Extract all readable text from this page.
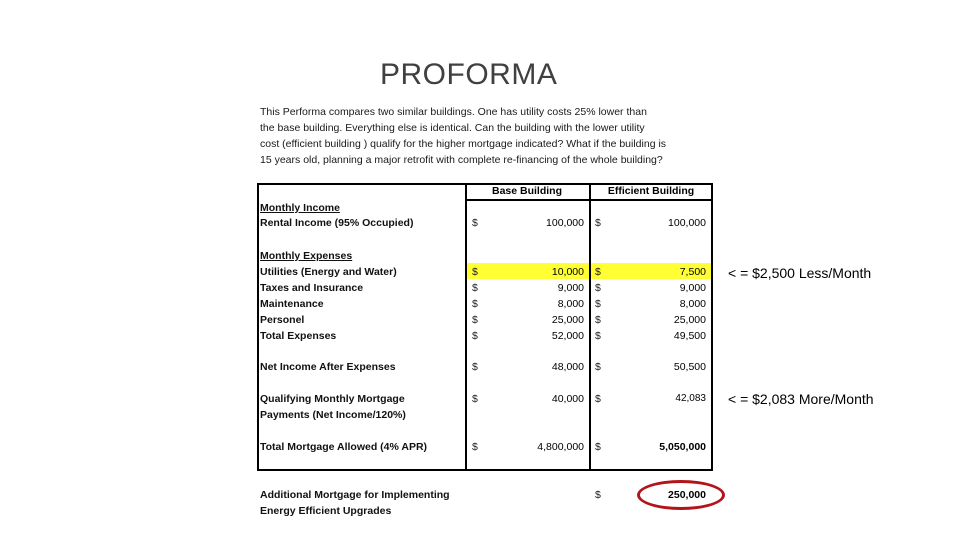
PROFORMA
This Performa compares two similar buildings. One has utility costs 25% lower than
the base building. Everything else is identical. Can the building with the lower utility
cost (efficient building ) qualify for the higher mortgage indicated? What if the building is
15 years old, planning a major retrofit with complete re-financing of the whole building?
Base Building	Efficient Building
Monthly Income
Rental Income (95% Occupied)	$	100,000 $	100,000
Monthly Expenses
Utilities (Energy and Water)	$	10,000 $	7,500
Taxes and Insurance	$	9,000 $	9,000
Maintenance	$	8,000 $	8,000
Personel	$	25,000 $	25,000
Total Expenses	$	52,000 $	49,500
Net Income After Expenses	$	48,000 $	50,500
Qualifying Monthly Mortgage
Payments (Net Income/120%)
$	40,000 $	42,083
Total Mortgage Allowed (4% APR)	$	4,800,000 $	5,050,000
Additional Mortgage for Implementing
Energy Efficient Upgrades
$	250,000
< = $2,500 Less/Month
< = $2,083 More/Month
